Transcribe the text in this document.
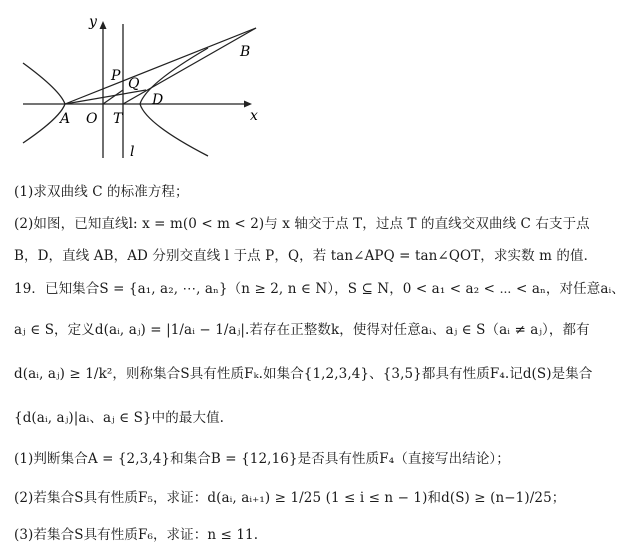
y
x
B
P Q
D
A O T
l
(1)求双曲线 C 的标准方程；
(2)如图，已知直线l: x = m(0 < m < 2)与 x 轴交于点 T，过点 T 的直线交双曲线 C 右支于点
B，D，直线 AB，AD 分别交直线 l 于点 P，Q，若 tan∠APQ = tan∠QOT，求实数 m 的值．
19．已知集合S = {a₁, a₂, ⋯, aₙ}（n ≥ 2, n ∈ N），S ⊆ N，0 < a₁ < a₂ < ⋯ < aₙ，对任意aᵢ、
aⱼ ∈ S，定义d(aᵢ, aⱼ) = |1/aᵢ − 1/aⱼ|.若存在正整数k，使得对任意aᵢ、aⱼ ∈ S（aᵢ ≠ aⱼ），都有
d(aᵢ, aⱼ) ≥ 1/k²，则称集合S具有性质Fₖ.如集合{1,2,3,4}、{3,5}都具有性质F₄.记d(S)是集合
{d(aᵢ, aⱼ)|aᵢ、aⱼ ∈ S}中的最大值.
(1)判断集合A = {2,3,4}和集合B = {12,16}是否具有性质F₄（直接写出结论）；
(2)若集合S具有性质F₅，求证：d(aᵢ, aᵢ₊₁) ≥ 1/25 (1 ≤ i ≤ n − 1)和d(S) ≥ (n−1)/25；
(3)若集合S具有性质F₆，求证：n ≤ 11.
